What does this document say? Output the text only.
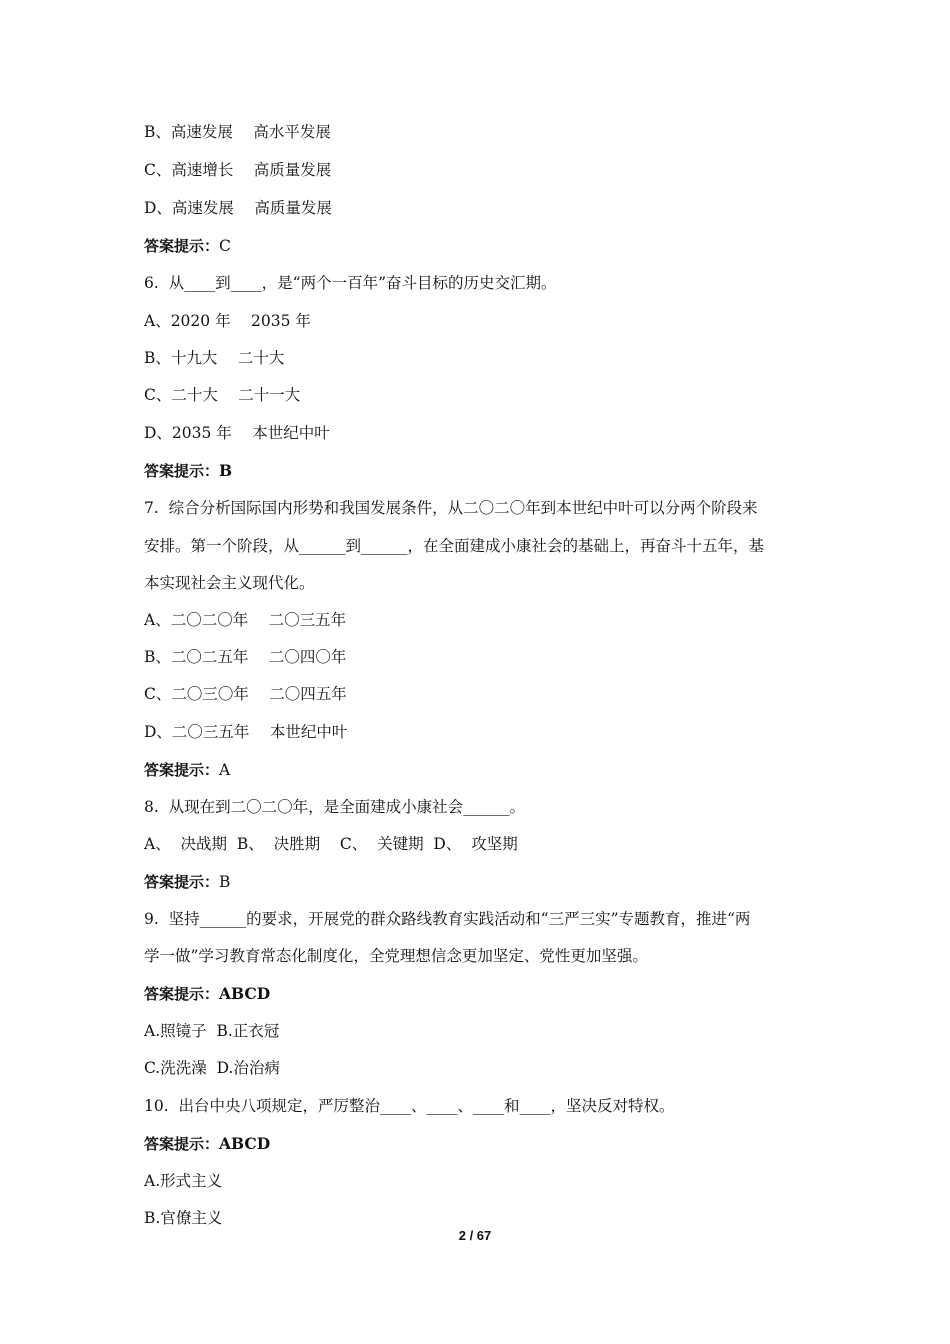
B、高速发展　 高水平发展
C、高速增长　 高质量发展
D、高速发展　 高质量发展
答案提示：C
6.  从____到____，是“两个一百年”奋斗目标的历史交汇期。
A、2020 年　 2035 年
B、十九大　 二十大
C、二十大　 二十一大
D、2035 年　 本世纪中叶
答案提示：B
7.  综合分析国际国内形势和我国发展条件，从二〇二〇年到本世纪中叶可以分两个阶段来
安排。第一个阶段，从______到______，在全面建成小康社会的基础上，再奋斗十五年，基
本实现社会主义现代化。
A、二〇二〇年　 二〇三五年
B、二〇二五年　 二〇四〇年
C、二〇三〇年　 二〇四五年
D、二〇三五年　 本世纪中叶
答案提示：A
8.  从现在到二〇二〇年，是全面建成小康社会______。
A、  决战期  B、  决胜期    C、  关键期  D、  攻坚期
答案提示：B
9.  坚持______的要求，开展党的群众路线教育实践活动和“三严三实”专题教育，推进“两
学一做”学习教育常态化制度化，全党理想信念更加坚定、党性更加坚强。
答案提示：ABCD
A.照镜子  B.正衣冠
C.洗洗澡  D.治治病
10.  出台中央八项规定，严厉整治____、____、____和____，坚决反对特权。
答案提示：ABCD
A.形式主义
B.官僚主义
2 / 67
